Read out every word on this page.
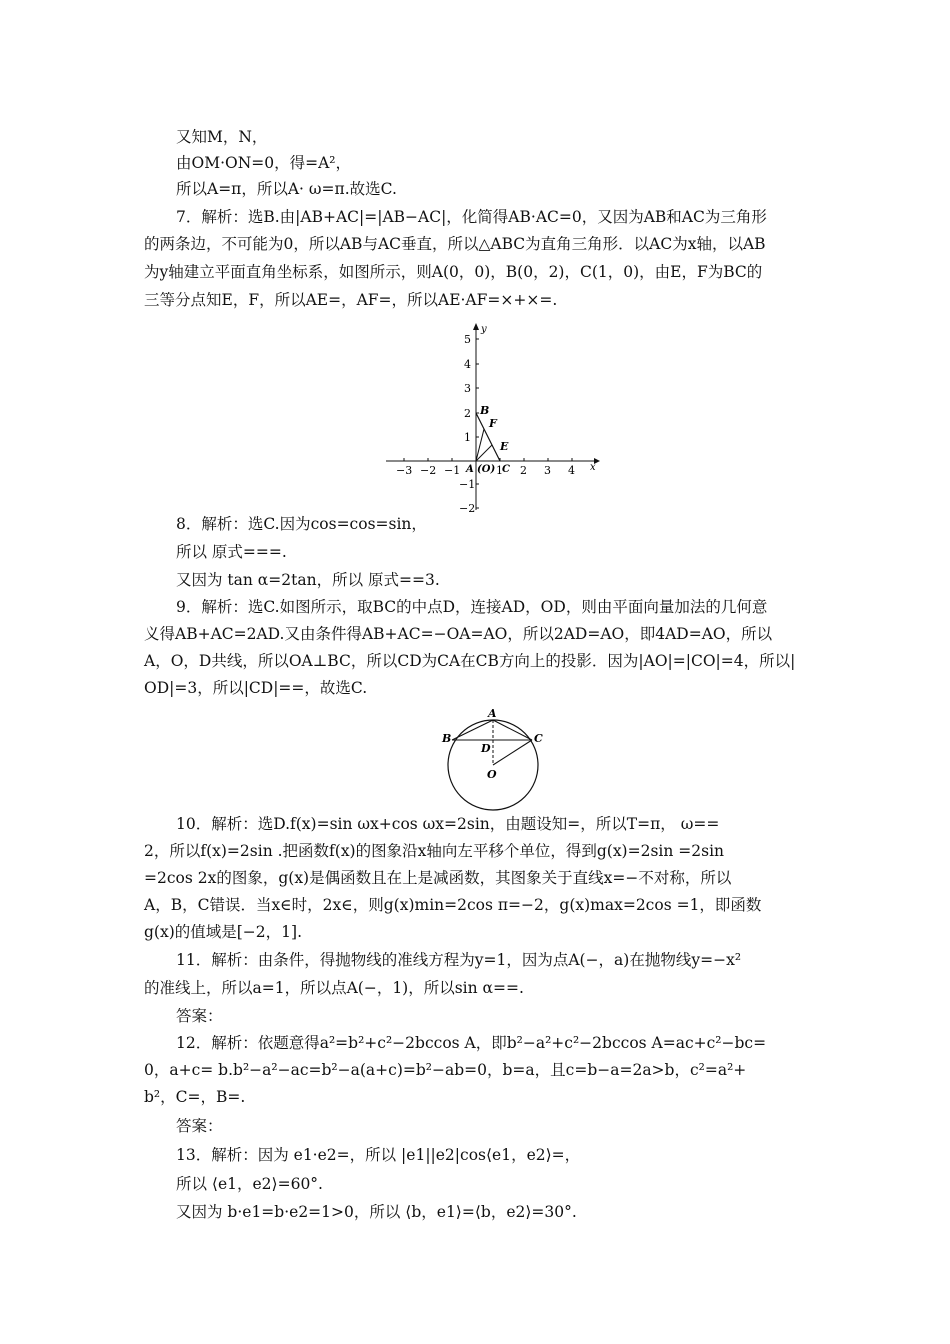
又知M，N，
由OM·ON=0，得=A²，
所以A=π，所以A· ω=π.故选C.
7．解析：选B.由|AB+AC|=|AB−AC|，化简得AB·AC=0，又因为AB和AC为三角形
的两条边，不可能为0，所以AB与AC垂直，所以△ABC为直角三角形．以AC为x轴，以AB
为y轴建立平面直角坐标系，如图所示，则A(0，0)，B(0，2)，C(1，0)，由E，F为BC的
三等分点知E，F，所以AE=，AF=，所以AE·AF=×+×=.
x
y
−3 −2 −1	1 2 3 4
5
4
3
2
1
−1
−2
B
F
E
A (O) C
8．解析：选C.因为cos=cos=sin，
所以 原式===.
又因为 tan α=2tan，所以 原式==3.
9．解析：选C.如图所示，取BC的中点D，连接AD，OD，则由平面向量加法的几何意
义得AB+AC=2AD.又由条件得AB+AC=−OA=AO，所以2AD=AO，即4AD=AO，所以
A，O，D共线，所以OA⊥BC，所以CD为CA在CB方向上的投影．因为|AO|=|CO|=4，所以|
OD|=3，所以|CD|==，故选C.
A
B	C
D
O
10．解析：选D.f(x)=sin ωx+cos ωx=2sin，由题设知=，所以T=π， ω==
2，所以f(x)=2sin .把函数f(x)的图象沿x轴向左平移个单位，得到g(x)=2sin =2sin
=2cos 2x的图象，g(x)是偶函数且在上是减函数，其图象关于直线x=−不对称，所以
A，B，C错误．当x∈时，2x∈，则g(x)min=2cos π=−2，g(x)max=2cos =1，即函数
g(x)的值域是[−2，1].
11．解析：由条件，得抛物线的准线方程为y=1，因为点A(−，a)在抛物线y=−x²
的准线上，所以a=1，所以点A(−，1)，所以sin α==.
答案：
12．解析：依题意得a²=b²+c²−2bccos A，即b²−a²+c²−2bccos A=ac+c²−bc=
0，a+c= b.b²−a²−ac=b²−a(a+c)=b²−ab=0，b=a，且c=b−a=2a>b，c²=a²+
b²，C=，B=.
答案：
13．解析：因为 e1·e2=，所以 |e1||e2|cos⟨e1，e2⟩=，
所以 ⟨e1，e2⟩=60°.
又因为 b·e1=b·e2=1>0，所以 ⟨b，e1⟩=⟨b，e2⟩=30°.
